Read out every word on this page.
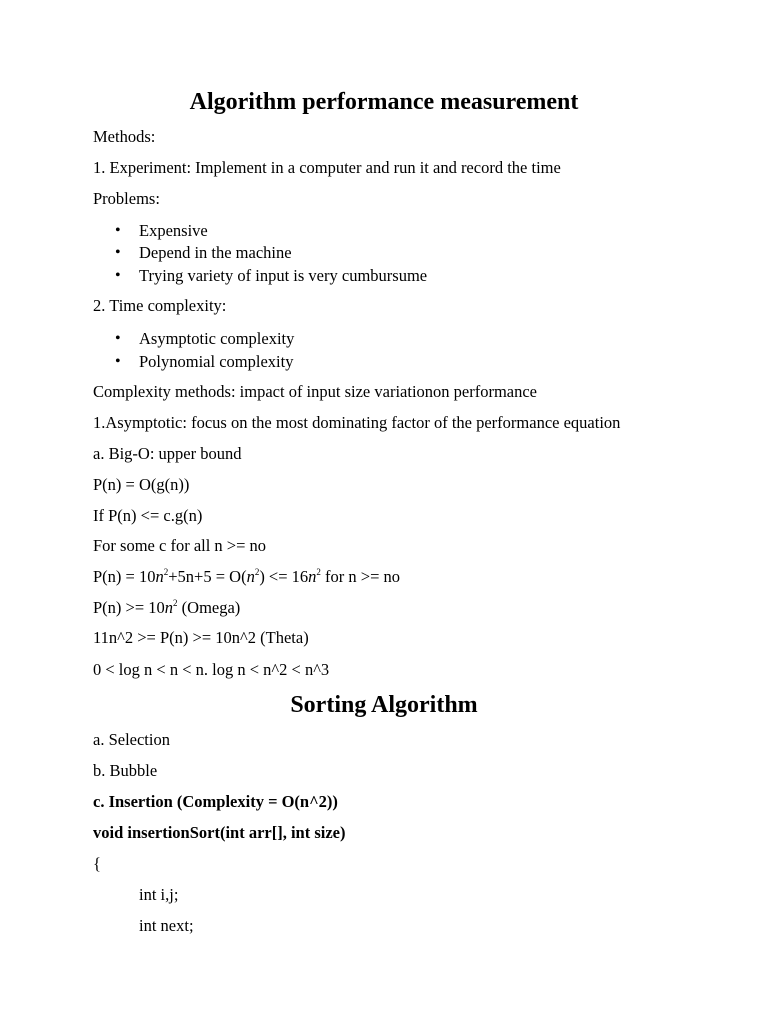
Algorithm performance measurement

Methods:

1. Experiment: Implement in a computer and run it and record the time

Problems:

• Expensive
• Depend in the machine
• Trying variety of input is very cumbursume

2. Time complexity:

• Asymptotic complexity
• Polynomial complexity

Complexity methods: impact of input size variationon performance

1.Asymptotic: focus on the most dominating factor of the performance equation

a. Big-O: upper bound

P(n) = O(g(n))

If P(n) <= c.g(n)

For some c for all n >= no

$P(n) = 10n^2+5n+5 = O(n^2) <= 16n^2$ for n >= no

$P(n) >= 10n^2$ (Omega)

11n^2 >= P(n) >= 10n^2 (Theta)

0 < log n < n < n. log n < n^2 < n^3

Sorting Algorithm

a. Selection

b. Bubble

c. Insertion (Complexity = O(n^2))

void insertionSort(int arr[], int size)

{

int i,j;

int next;
